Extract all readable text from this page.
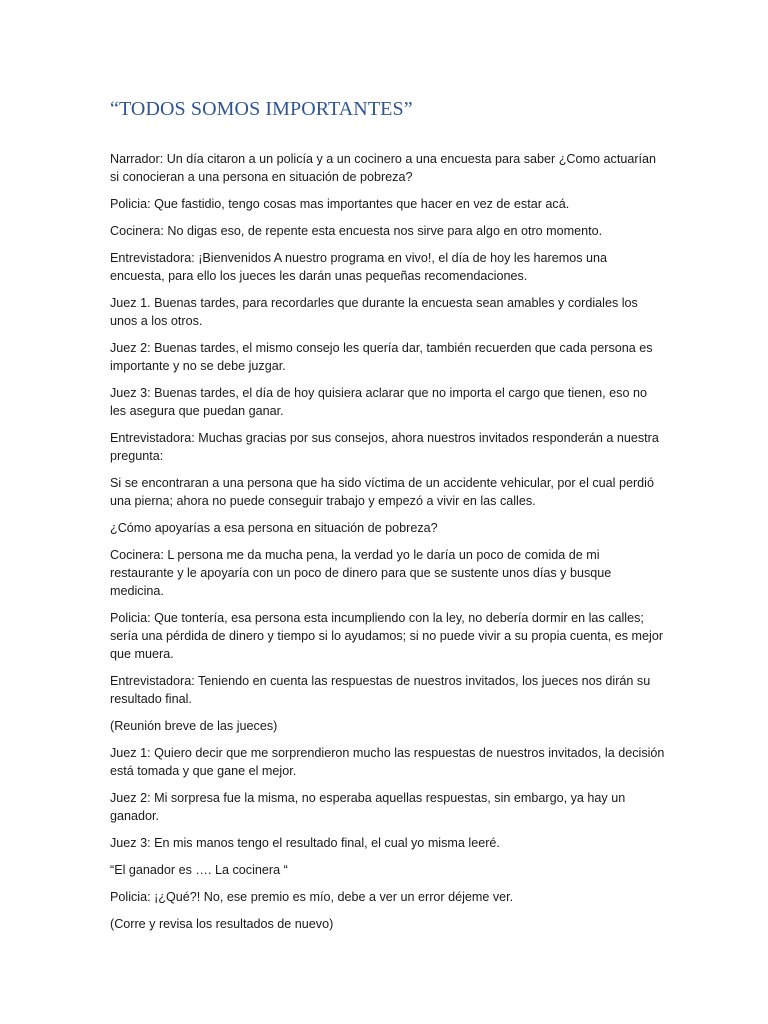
“TODOS SOMOS IMPORTANTES”

Narrador: Un día citaron a un policía y a un cocinero a una encuesta para saber ¿Como actuarían si conocieran a una persona en situación de pobreza?

Policia: Que fastidio, tengo cosas mas importantes que hacer en vez de estar acá.

Cocinera: No digas eso, de repente esta encuesta nos sirve para algo en otro momento.

Entrevistadora: ¡Bienvenidos A nuestro programa en vivo!, el día de hoy les haremos una encuesta, para ello los jueces les darán unas pequeñas recomendaciones.

Juez 1. Buenas tardes, para recordarles que durante la encuesta sean amables y cordiales los unos a los otros.

Juez 2: Buenas tardes, el mismo consejo les quería dar, también recuerden que cada persona es importante y no se debe juzgar.

Juez 3: Buenas tardes, el día de hoy quisiera aclarar que no importa el cargo que tienen, eso no les asegura que puedan ganar.

Entrevistadora: Muchas gracias por sus consejos, ahora nuestros invitados responderán a nuestra pregunta:

Si se encontraran a una persona que ha sido víctima de un accidente vehicular, por el cual perdió una pierna; ahora no puede conseguir trabajo y empezó a vivir en las calles.

¿Cómo apoyarías a esa persona en situación de pobreza?

Cocinera: L persona me da mucha pena, la verdad yo le daría un poco de comida de mi restaurante y le apoyaría con un poco de dinero para que se sustente unos días y busque medicina.

Policia: Que tontería, esa persona esta incumpliendo con la ley, no debería dormir en las calles; sería una pérdida de dinero y tiempo si lo ayudamos; si no puede vivir a su propia cuenta, es mejor que muera.

Entrevistadora: Teniendo en cuenta las respuestas de nuestros invitados, los jueces nos dirán su resultado final.

(Reunión breve de las jueces)

Juez 1: Quiero decir que me sorprendieron mucho las respuestas de nuestros invitados, la decisión está tomada y que gane el mejor.

Juez 2: Mi sorpresa fue la misma, no esperaba aquellas respuestas, sin embargo, ya hay un ganador.

Juez 3: En mis manos tengo el resultado final, el cual yo misma leeré.

“El ganador es …. La cocinera “

Policia: ¡¿Qué?! No, ese premio es mío, debe a ver un error déjeme ver.

(Corre y revisa los resultados de nuevo)
